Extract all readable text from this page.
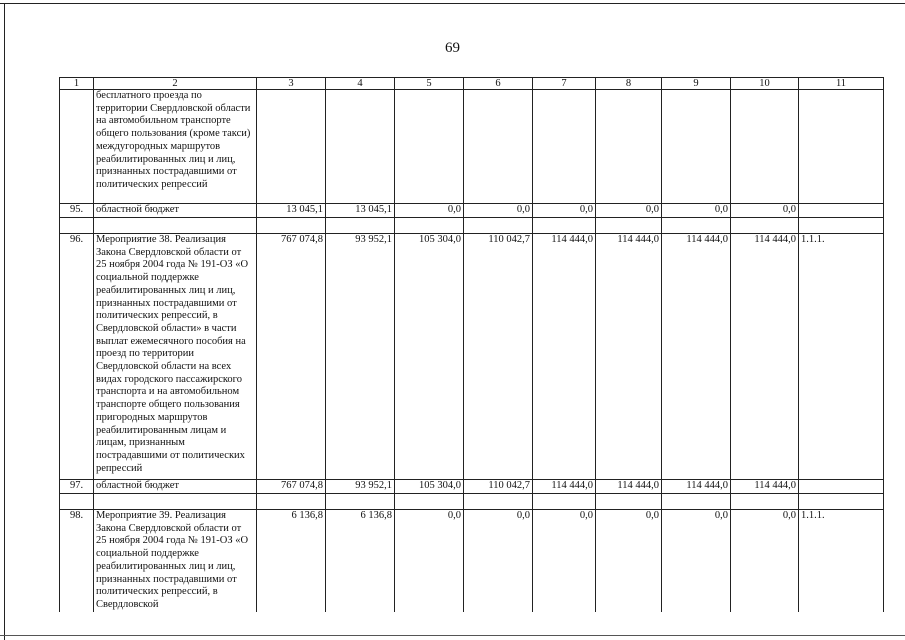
69
1	2	3	4	5	6	7	8	9	10	11
	бесплатного проезда по территории Свердловской области на автомобильном транспорте общего пользования (кроме такси) междугородных маршрутов реабилитированных лиц и лиц, признанных пострадавшими от политических репрессий									
95.	областной бюджет	13 045,1	13 045,1	0,0	0,0	0,0	0,0	0,0	0,0	

96.	Мероприятие 38. Реализация Закона Свердловской области от 25 ноября 2004 года № 191-ОЗ «О социальной поддержке реабилитированных лиц и лиц, признанных пострадавшими от политических репрессий, в Свердловской области» в части выплат ежемесячного пособия на проезд по территории Свердловской области на всех видах городского пассажирского транспорта и на автомобильном транспорте общего пользования пригородных маршрутов реабилитированным лицам и лицам, признанным пострадавшими от политических репрессий	767 074,8	93 952,1	105 304,0	110 042,7	114 444,0	114 444,0	114 444,0	114 444,0	1.1.1.
97.	областной бюджет	767 074,8	93 952,1	105 304,0	110 042,7	114 444,0	114 444,0	114 444,0	114 444,0	

98.	Мероприятие 39. Реализация Закона Свердловской области от 25 ноября 2004 года № 191-ОЗ «О социальной поддержке реабилитированных лиц и лиц, признанных пострадавшими от политических репрессий, в Свердловской	6 136,8	6 136,8	0,0	0,0	0,0	0,0	0,0	0,0	1.1.1.
